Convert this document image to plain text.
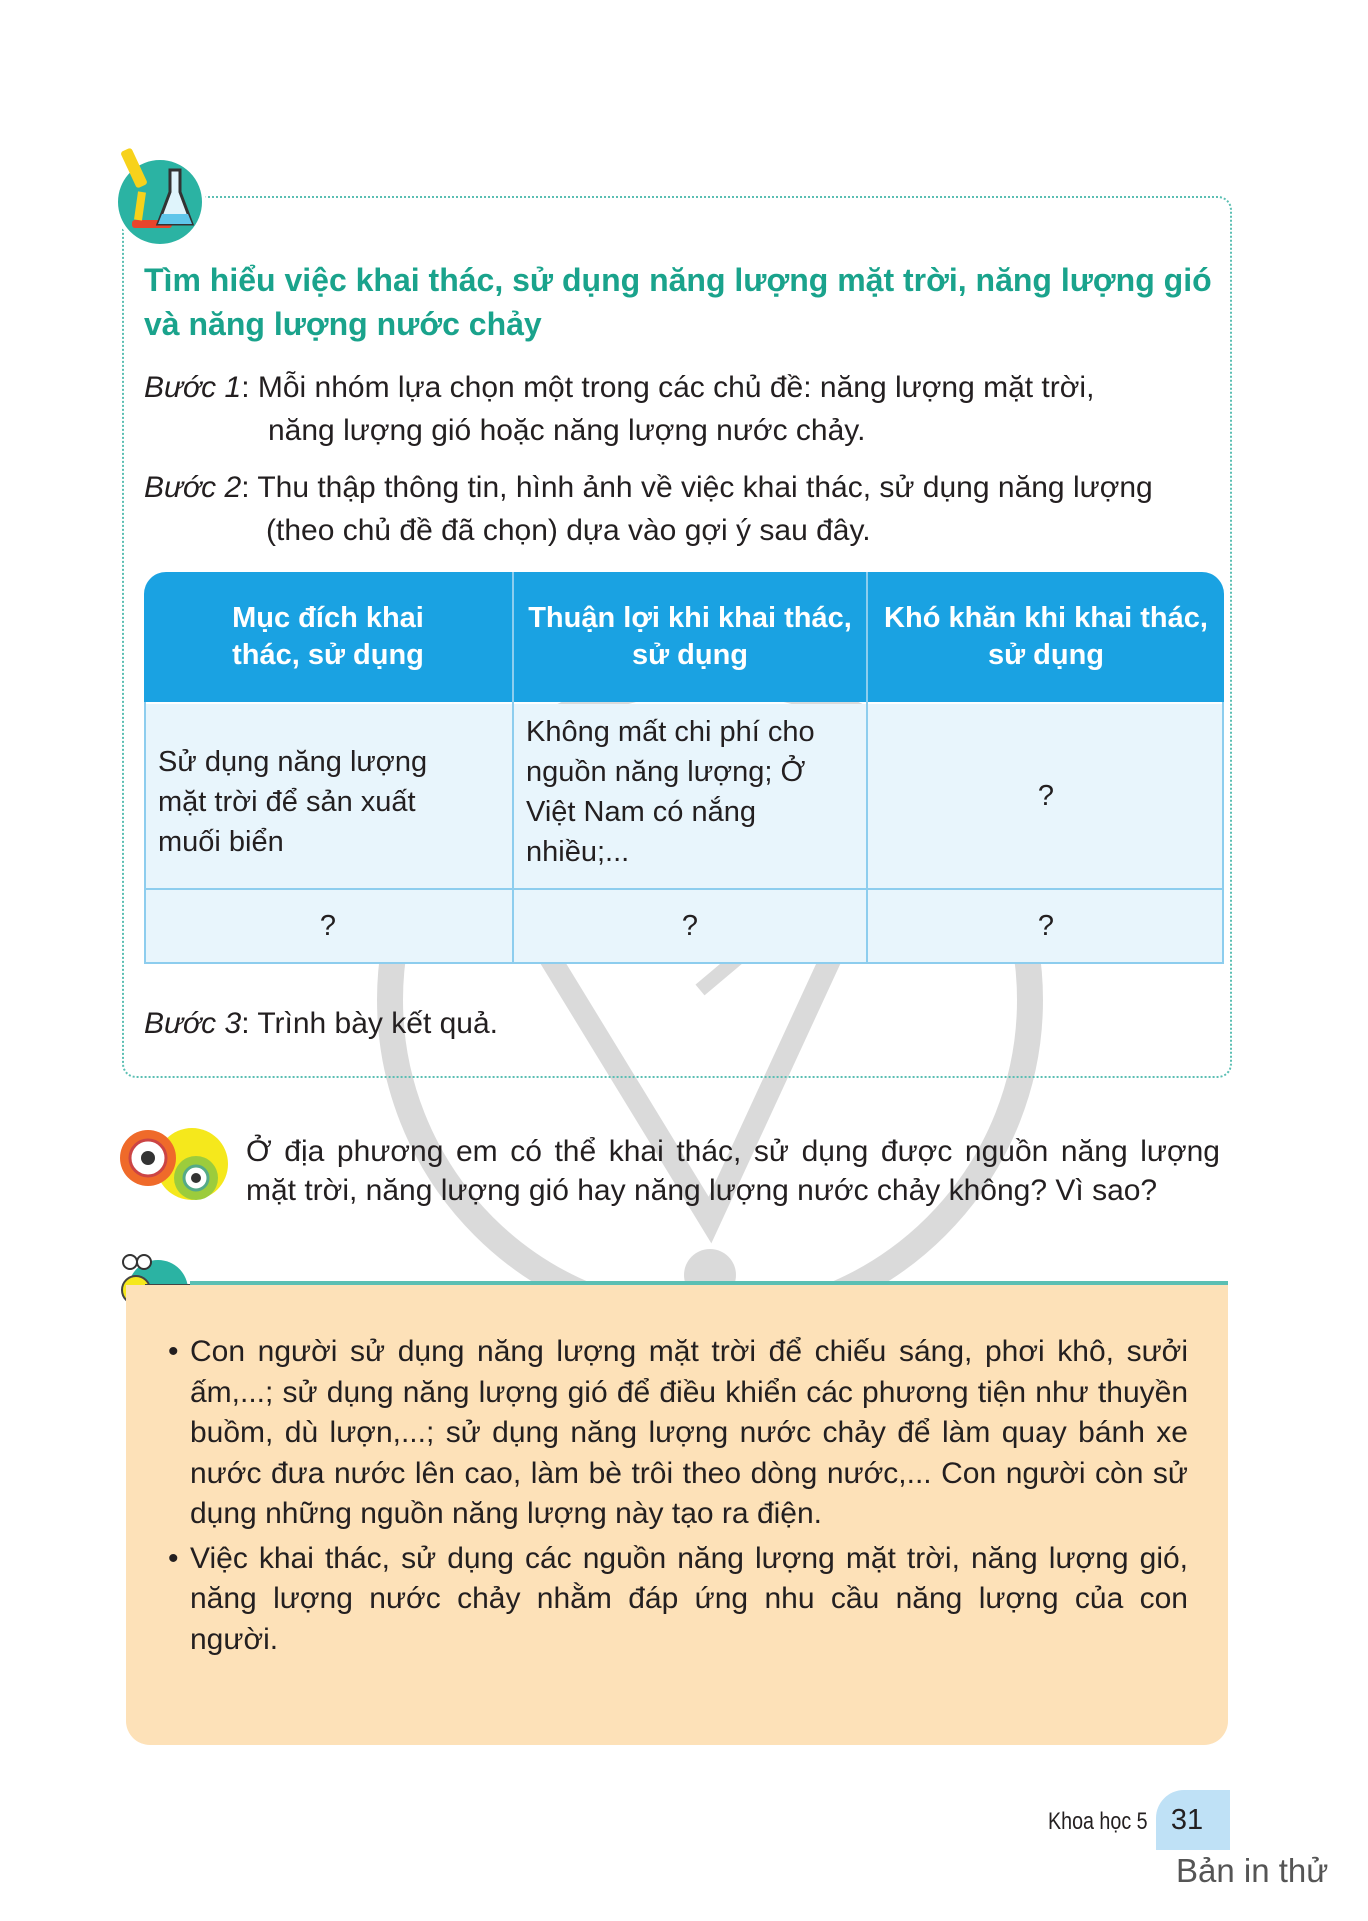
Tìm hiểu việc khai thác, sử dụng năng lượng mặt trời, năng lượng gió và năng lượng nước chảy
Bước 1: Mỗi nhóm lựa chọn một trong các chủ đề: năng lượng mặt trời,
năng lượng gió hoặc năng lượng nước chảy.
Bước 2: Thu thập thông tin, hình ảnh về việc khai thác, sử dụng năng lượng
(theo chủ đề đã chọn) dựa vào gợi ý sau đây.
Mục đích khai thác, sử dụng
Thuận lợi khi khai thác, sử dụng
Khó khăn khi khai thác, sử dụng
Sử dụng năng lượng mặt trời để sản xuất muối biển
Không mất chi phí cho nguồn năng lượng; Ở Việt Nam có nắng nhiều;...
?
?	?	?
Bước 3: Trình bày kết quả.
Ở địa phương em có thể khai thác, sử dụng được nguồn năng lượng mặt trời, năng lượng gió hay năng lượng nước chảy không? Vì sao?
• Con người sử dụng năng lượng mặt trời để chiếu sáng, phơi khô, sưởi ấm,...; sử dụng năng lượng gió để điều khiển các phương tiện như thuyền buồm, dù lượn,...; sử dụng năng lượng nước chảy để làm quay bánh xe nước đưa nước lên cao, làm bè trôi theo dòng nước,... Con người còn sử dụng những nguồn năng lượng này tạo ra điện.
• Việc khai thác, sử dụng các nguồn năng lượng mặt trời, năng lượng gió, năng lượng nước chảy nhằm đáp ứng nhu cầu năng lượng của con người.
Khoa học 5 31
Bản in thử
